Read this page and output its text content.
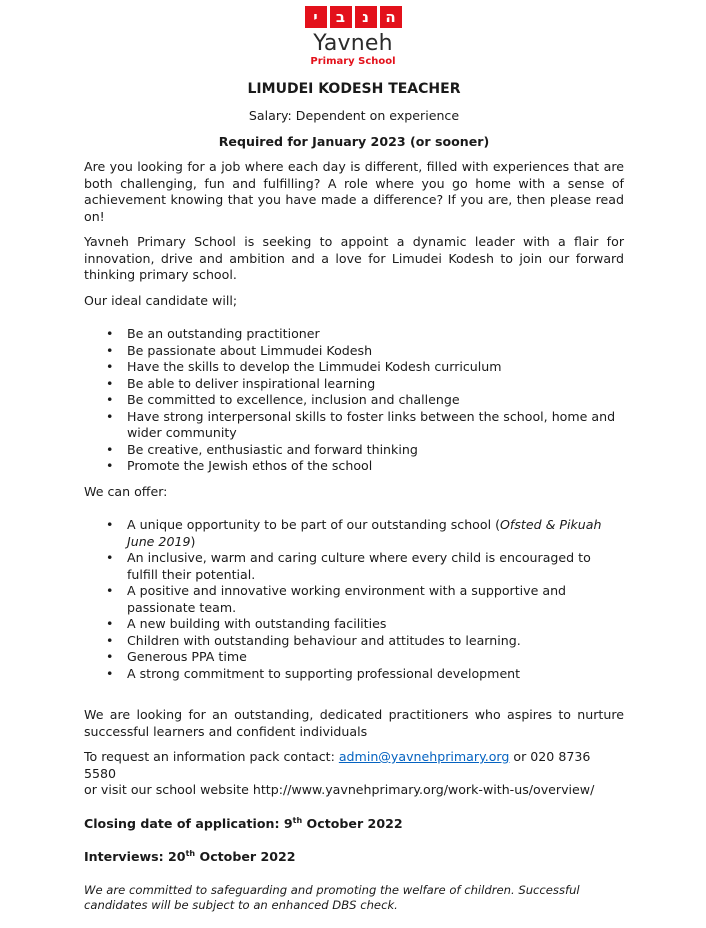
י	ב	נ	ה
Yavneh
Primary School
LIMUDEI KODESH TEACHER
Salary: Dependent on experience
Required for January 2023 (or sooner)

Are you looking for a job where each day is different, filled with experiences that are both challenging, fun and fulfilling? A role where you go home with a sense of achievement knowing that you have made a difference? If you are, then please read on!

Yavneh Primary School is seeking to appoint a dynamic leader with a flair for innovation, drive and ambition and a love for Limudei Kodesh to join our forward thinking primary school.

Our ideal candidate will;

• Be an outstanding practitioner
• Be passionate about Limmudei Kodesh
• Have the skills to develop the Limmudei Kodesh curriculum
• Be able to deliver inspirational learning
• Be committed to excellence, inclusion and challenge
• Have strong interpersonal skills to foster links between the school, home and wider community
• Be creative, enthusiastic and forward thinking
• Promote the Jewish ethos of the school

We can offer:

• A unique opportunity to be part of our outstanding school (Ofsted & Pikuah June 2019)
• An inclusive, warm and caring culture where every child is encouraged to fulfill their potential.
• A positive and innovative working environment with a supportive and passionate team.
• A new building with outstanding facilities
• Children with outstanding behaviour and attitudes to learning.
• Generous PPA time
• A strong commitment to supporting professional development

We are looking for an outstanding, dedicated practitioners who aspires to nurture successful learners and confident individuals

To request an information pack contact: admin@yavnehprimary.org or 020 8736 5580
or visit our school website http://www.yavnehprimary.org/work-with-us/overview/

Closing date of application: 9th October 2022

Interviews: 20th October 2022

We are committed to safeguarding and promoting the welfare of children. Successful candidates will be subject to an enhanced DBS check.
